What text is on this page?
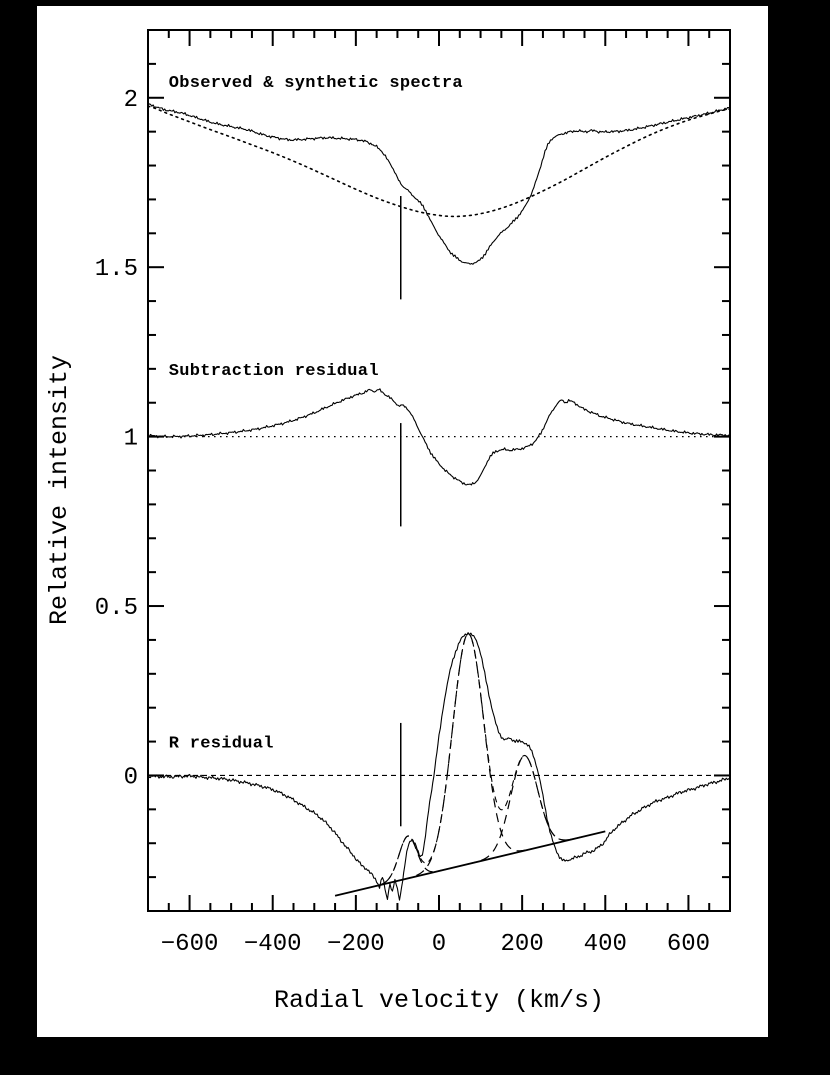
−600 −400 −200 0 200 400 600
0
0.5
1
1.5
2
Radial velocity (km/s)
Relative intensity
Observed & synthetic spectra
Subtraction residual
R residual
